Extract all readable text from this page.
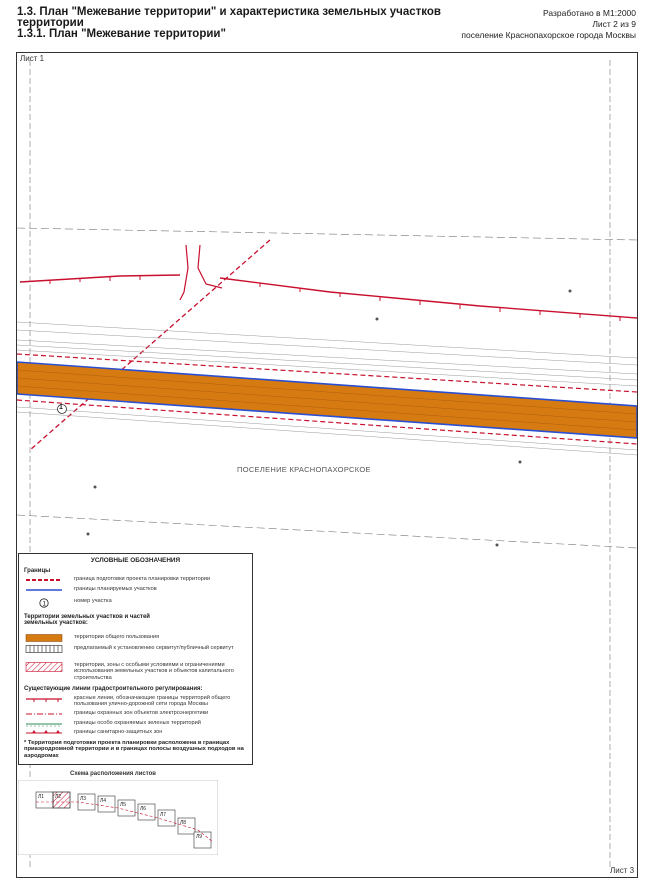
1.3. План "Межевание территории" и характеристика земельных участков
территории
1.3.1. План "Межевание территории"
Разработано в М1:2000
Лист 2 из 9
поселение Краснопахорское города Москвы
Лист 1
Лист 3
1
ПОСЕЛЕНИЕ КРАСНОПАХОРСКОЕ
УСЛОВНЫЕ ОБОЗНАЧЕНИЯ
Границы
граница подготовки проекта планировки территории
границы планируемых участков
1
номер участка
Территории земельных участков и частей земельных участков:
территории общего пользования
предлагаемый к установлению сервитут/публичный сервитут
территории, зоны с особыми условиями и ограничениями использования земельных участков и объектов капитального строительства
Существующие линии градостроительного регулирования:
красные линии, обозначающие границы территорий общего пользования улично-дорожной сети города Москвы
границы охранных зон объектов электроэнергетики
границы особо охраняемых зеленых территорий
границы санитарно-защитных зон
* Территория подготовки проекта планировки расположена в границах приаэродромной территории и в границах полосы воздушных подходов на аэродромах
Схема расположения листов
Л1 Л2	Л3	Л4
Л5
Л6
Л7
Л8
Л9
